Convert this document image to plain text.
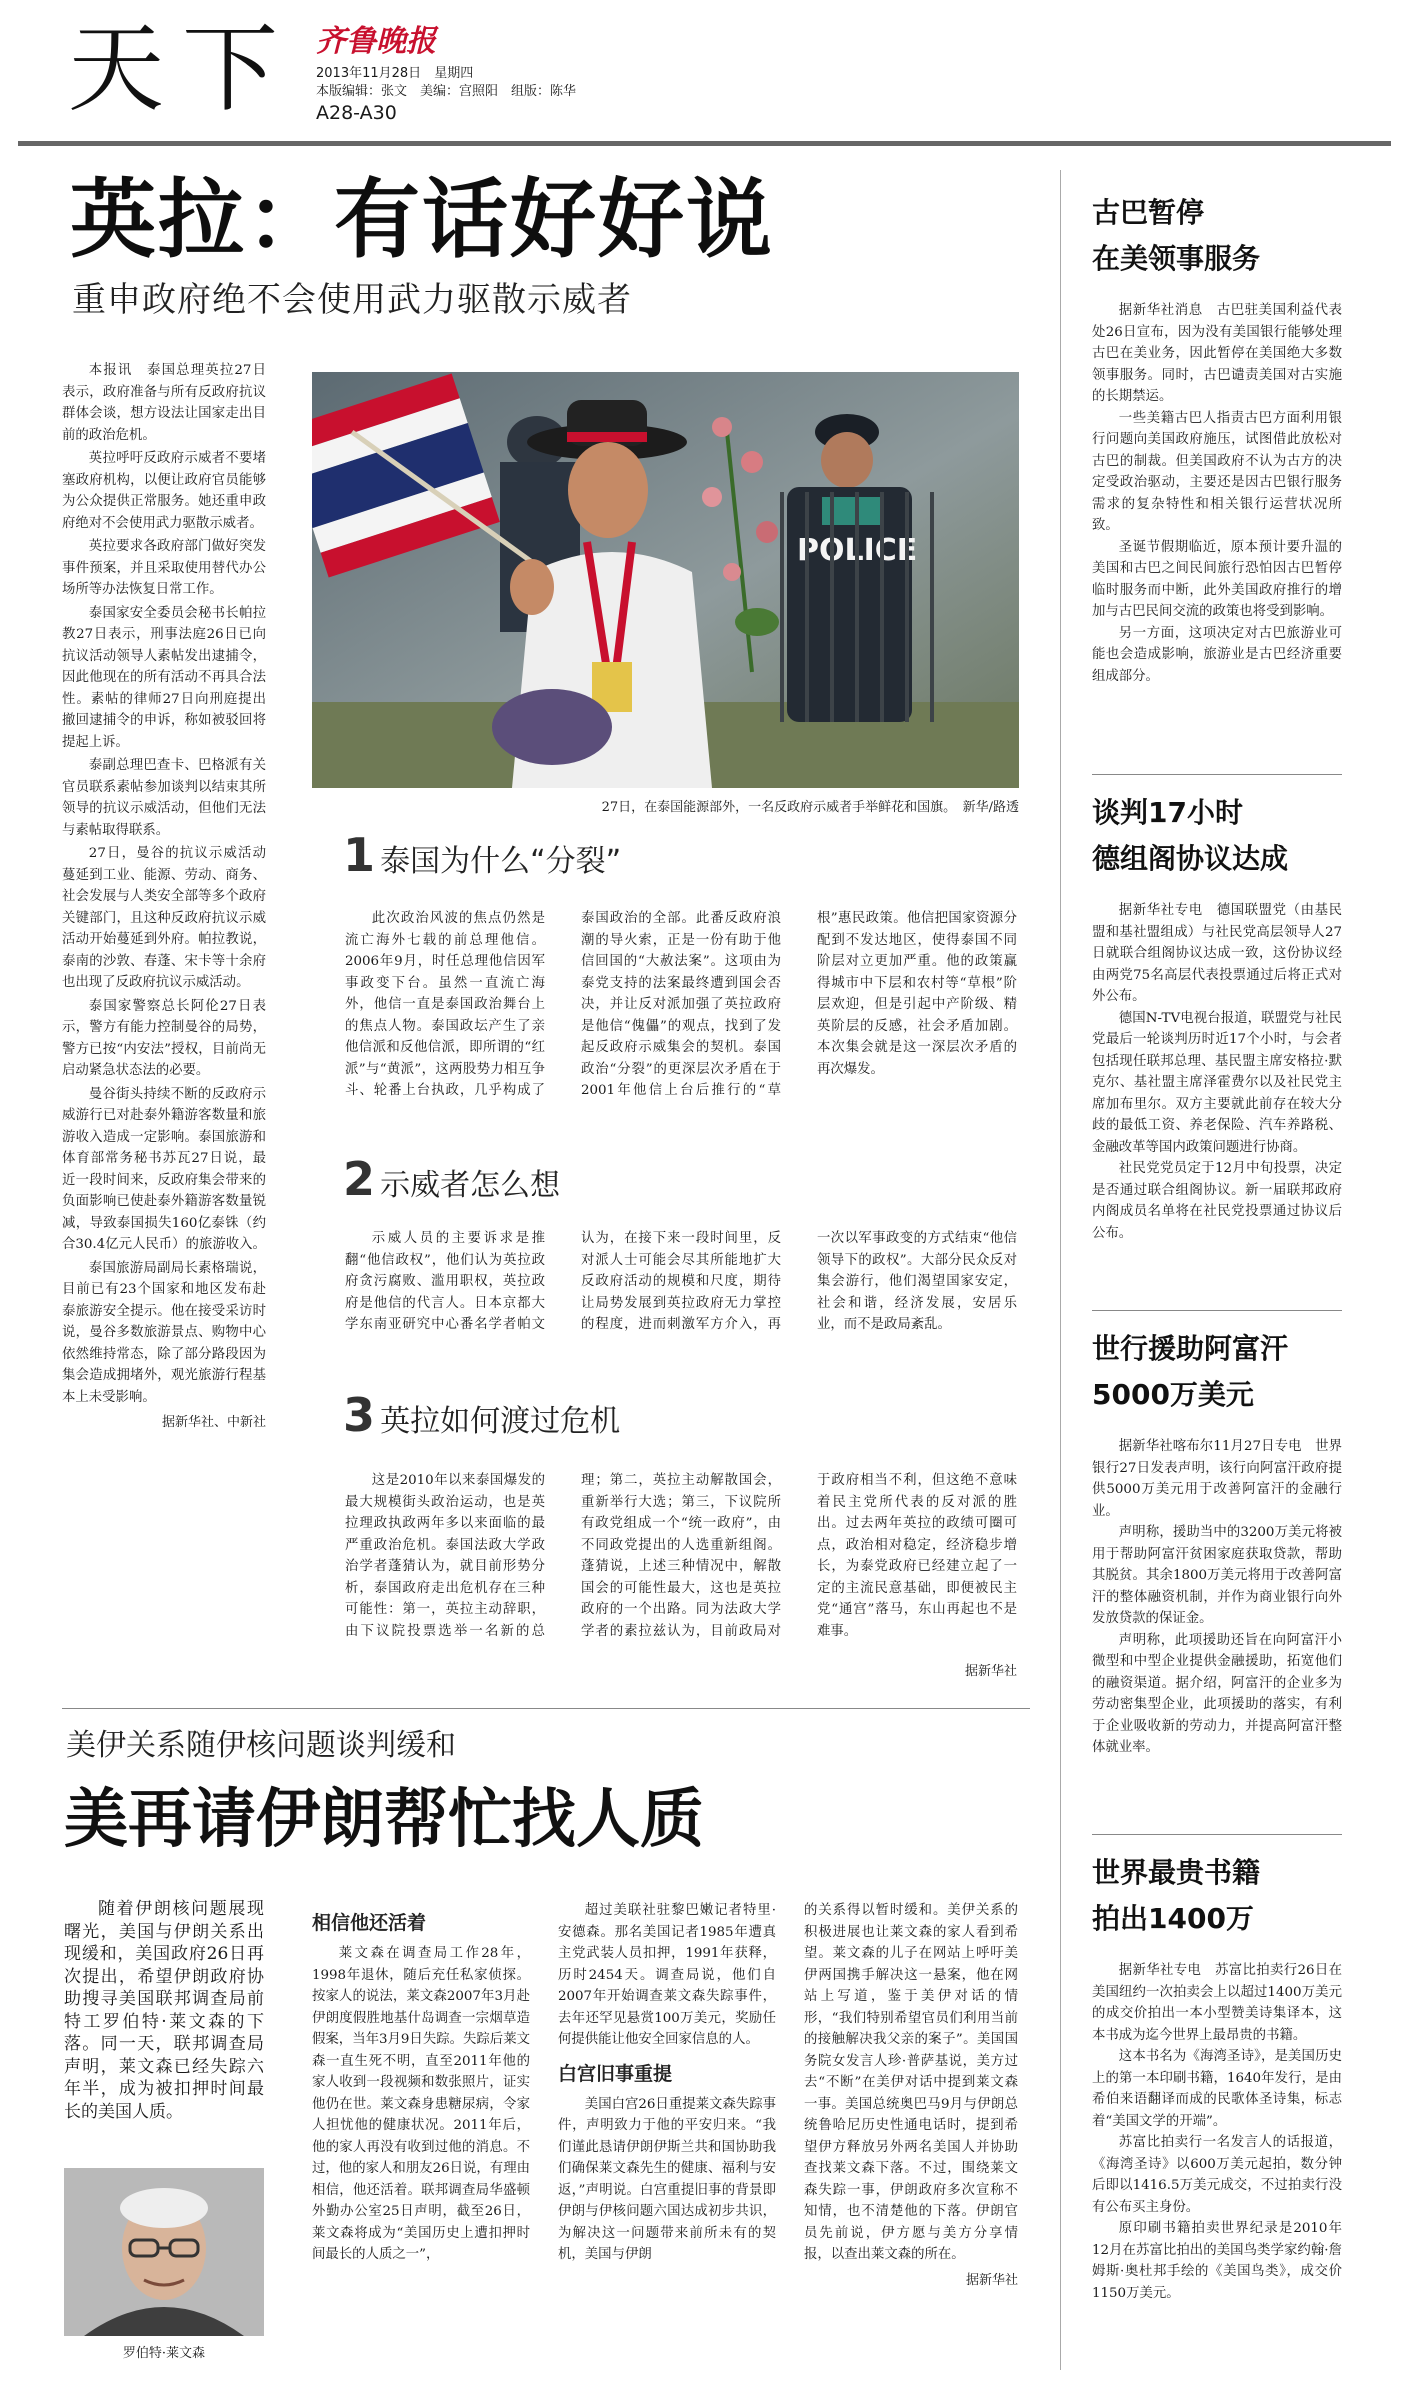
天下 齐鲁晚报
2013年11月28日　 星期四
本版编辑：张文　美编：宫照阳　组版：陈华
A28-A30
英拉：有话好好说
重申政府绝不会使用武力驱散示威者

本报讯　泰国总理英拉27日表示，政府准备与所有反政府抗议群体会谈，想方设法让国家走出目前的政治危机。

英拉呼吁反政府示威者不要堵塞政府机构，以便让政府官员能够为公众提供正常服务。她还重申政府绝对不会使用武力驱散示威者。

英拉要求各政府部门做好突发事件预案，并且采取使用替代办公场所等办法恢复日常工作。

泰国家安全委员会秘书长帕拉教27日表示，刑事法庭26日已向抗议活动领导人素帖发出逮捕令，因此他现在的所有活动不再具合法性。素帖的律师27日向刑庭提出撤回逮捕令的申诉，称如被驳回将提起上诉。

泰副总理巴查卡、巴格派有关官员联系素帖参加谈判以结束其所领导的抗议示威活动，但他们无法与素帖取得联系。

27日，曼谷的抗议示威活动蔓延到工业、能源、劳动、商务、社会发展与人类安全部等多个政府关键部门，且这种反政府抗议示威活动开始蔓延到外府。帕拉教说，泰南的沙敦、春蓬、宋卡等十余府也出现了反政府抗议示威活动。

泰国家警察总长阿伦27日表示，警方有能力控制曼谷的局势，警方已按“内安法”授权，目前尚无启动紧急状态法的必要。

曼谷街头持续不断的反政府示威游行已对赴泰外籍游客数量和旅游收入造成一定影响。泰国旅游和体育部常务秘书苏瓦27日说，最近一段时间来，反政府集会带来的负面影响已使赴泰外籍游客数量锐减，导致泰国损失160亿泰铢（约合30.4亿元人民币）的旅游收入。

泰国旅游局副局长素格瑞说，目前已有23个国家和地区发布赴泰旅游安全提示。他在接受采访时说，曼谷多数旅游景点、购物中心依然维持常态，除了部分路段因为集会造成拥堵外，观光旅游行程基本上未受影响。

据新华社、中新社

POLICE
27日，在泰国能源部外，一名反政府示威者手举鲜花和国旗。　新华/路透
1 泰国为什么“分裂”

此次政治风波的焦点仍然是流亡海外七载的前总理他信。2006年9月，时任总理他信因军事政变下台。虽然一直流亡海外，他信一直是泰国政治舞台上的焦点人物。泰国政坛产生了亲他信派和反他信派，即所谓的“红派”与“黄派”，这两股势力相互争斗、轮番上台执政，几乎构成了泰国政治的全部。此番反政府浪潮的导火索，正是一份有助于他信回国的“大赦法案”。这项由为泰党支持的法案最终遭到国会否决，并让反对派加强了英拉政府是他信“傀儡”的观点，找到了发起反政府示威集会的契机。泰国政治“分裂”的更深层次矛盾在于2001年他信上台后推行的“草根”惠民政策。他信把国家资源分配到不发达地区，使得泰国不同阶层对立更加严重。他的政策赢得城市中下层和农村等“草根”阶层欢迎，但是引起中产阶级、精英阶层的反感，社会矛盾加剧。本次集会就是这一深层次矛盾的再次爆发。

2 示威者怎么想

示威人员的主要诉求是推翻“他信政权”，他们认为英拉政府贪污腐败、滥用职权，英拉政府是他信的代言人。日本京都大学东南亚研究中心番名学者帕文认为，在接下来一段时间里，反对派人士可能会尽其所能地扩大反政府活动的规模和尺度，期待让局势发展到英拉政府无力掌控的程度，进而刺激军方介入，再一次以军事政变的方式结束“他信领导下的政权”。大部分民众反对集会游行，他们渴望国家安定，社会和谐，经济发展，安居乐业，而不是政局紊乱。

3 英拉如何渡过危机

这是2010年以来泰国爆发的最大规模街头政治运动，也是英拉理政执政两年多以来面临的最严重政治危机。泰国法政大学政治学者蓬猜认为，就目前形势分析，泰国政府走出危机存在三种可能性：第一，英拉主动辞职，由下议院投票选举一名新的总理；第二，英拉主动解散国会，重新举行大选；第三，下议院所有政党组成一个“统一政府”，由不同政党提出的人选重新组阁。蓬猜说，上述三种情况中，解散国会的可能性最大，这也是英拉政府的一个出路。同为法政大学学者的素拉兹认为，目前政局对于政府相当不利，但这绝不意味着民主党所代表的反对派的胜出。过去两年英拉的政绩可圈可点，政治相对稳定，经济稳步增长，为泰党政府已经建立起了一定的主流民意基础，即便被民主党“通宫”落马，东山再起也不是难事。

据新华社
美伊关系随伊核问题谈判缓和
美再请伊朗帮忙找人质

随着伊朗核问题展现曙光，美国与伊朗关系出现缓和，美国政府26日再次提出，希望伊朗政府协助搜寻美国联邦调查局前特工罗伯特·莱文森的下落。同一天，联邦调查局声明，莱文森已经失踪六年半，成为被扣押时间最长的美国人质。

罗伯特·莱文森
相信他还活着

莱文森在调查局工作28年，1998年退休，随后充任私家侦探。按家人的说法，莱文森2007年3月赴伊朗度假胜地基什岛调查一宗烟草造假案，当年3月9日失踪。失踪后莱文森一直生死不明，直至2011年他的家人收到一段视频和数张照片，证实他仍在世。莱文森身患糖尿病，令家人担忧他的健康状况。2011年后，他的家人再没有收到过他的消息。不过，他的家人和朋友26日说，有理由相信，他还活着。联邦调查局华盛顿外勤办公室25日声明，截至26日，莱文森将成为“美国历史上遭扣押时间最长的人质之一”，

超过美联社驻黎巴嫩记者特里·安德森。那名美国记者1985年遭真主党武装人员扣押，1991年获释，历时2454天。调查局说，他们自2007年开始调查莱文森失踪事件，去年还罕见悬赏100万美元，奖励任何提供能让他安全回家信息的人。

白宫旧事重提

美国白宫26日重提莱文森失踪事件，声明致力于他的平安归来。“我们谨此恳请伊朗伊斯兰共和国协助我们确保莱文森先生的健康、福利与安返，”声明说。白宫重提旧事的背景即伊朗与伊核问题六国达成初步共识，为解决这一问题带来前所未有的契机，美国与伊朗

的关系得以暂时缓和。美伊关系的积极进展也让莱文森的家人看到希望。莱文森的儿子在网站上呼吁美伊两国携手解决这一悬案，他在网站上写道，鉴于美伊对话的情形，“我们特别希望官员们利用当前的接触解决我父亲的案子”。美国国务院女发言人珍·普萨基说，美方过去“不断”在美伊对话中提到莱文森一事。美国总统奥巴马9月与伊朗总统鲁哈尼历史性通电话时，提到希望伊方释放另外两名美国人并协助查找莱文森下落。不过，围绕莱文森失踪一事，伊朗政府多次宣称不知情，也不清楚他的下落。伊朗官员先前说，伊方愿与美方分享情报，以查出莱文森的所在。

据新华社

古巴暂停

在美领事服务

据新华社消息　古巴驻美国利益代表处26日宣布，因为没有美国银行能够处理古巴在美业务，因此暂停在美国绝大多数领事服务。同时，古巴谴责美国对古实施的长期禁运。

一些美籍古巴人指责古巴方面利用银行问题向美国政府施压，试图借此放松对古巴的制裁。但美国政府不认为古方的决定受政治驱动，主要还是因古巴银行服务需求的复杂特性和相关银行运营状况所致。

圣诞节假期临近，原本预计要升温的美国和古巴之间民间旅行恐怕因古巴暂停临时服务而中断，此外美国政府推行的增加与古巴民间交流的政策也将受到影响。

另一方面，这项决定对古巴旅游业可能也会造成影响，旅游业是古巴经济重要组成部分。

谈判17小时

德组阁协议达成

据新华社专电　德国联盟党（由基民盟和基社盟组成）与社民党高层领导人27日就联合组阁协议达成一致，这份协议经由两党75名高层代表投票通过后将正式对外公布。

德国N-TV电视台报道，联盟党与社民党最后一轮谈判历时近17个小时，与会者包括现任联邦总理、基民盟主席安格拉·默克尔、基社盟主席泽霍费尔以及社民党主席加布里尔。双方主要就此前存在较大分歧的最低工资、养老保险、汽车养路税、金融改革等国内政策问题进行协商。

社民党党员定于12月中旬投票，决定是否通过联合组阁协议。新一届联邦政府内阁成员名单将在社民党投票通过协议后公布。

世行援助阿富汗

5000万美元

据新华社喀布尔11月27日专电　世界银行27日发表声明，该行向阿富汗政府提供5000万美元用于改善阿富汗的金融行业。

声明称，援助当中的3200万美元将被用于帮助阿富汗贫困家庭获取贷款，帮助其脱贫。其余1800万美元将用于改善阿富汗的整体融资机制，并作为商业银行向外发放贷款的保证金。

声明称，此项援助还旨在向阿富汗小微型和中型企业提供金融援助，拓宽他们的融资渠道。据介绍，阿富汗的企业多为劳动密集型企业，此项援助的落实，有利于企业吸收新的劳动力，并提高阿富汗整体就业率。

世界最贵书籍

拍出1400万

据新华社专电　苏富比拍卖行26日在美国纽约一次拍卖会上以超过1400万美元的成交价拍出一本小型赞美诗集译本，这本书成为迄今世界上最昂贵的书籍。

这本书名为《海湾圣诗》，是美国历史上的第一本印刷书籍，1640年发行，是由希伯来语翻译而成的民歌体圣诗集，标志着“美国文学的开端”。

苏富比拍卖行一名发言人的话报道，《海湾圣诗》以600万美元起拍，数分钟后即以1416.5万美元成交，不过拍卖行没有公布买主身份。

原印刷书籍拍卖世界纪录是2010年12月在苏富比拍出的美国鸟类学家约翰·詹姆斯·奥杜邦手绘的《美国鸟类》，成交价1150万美元。
